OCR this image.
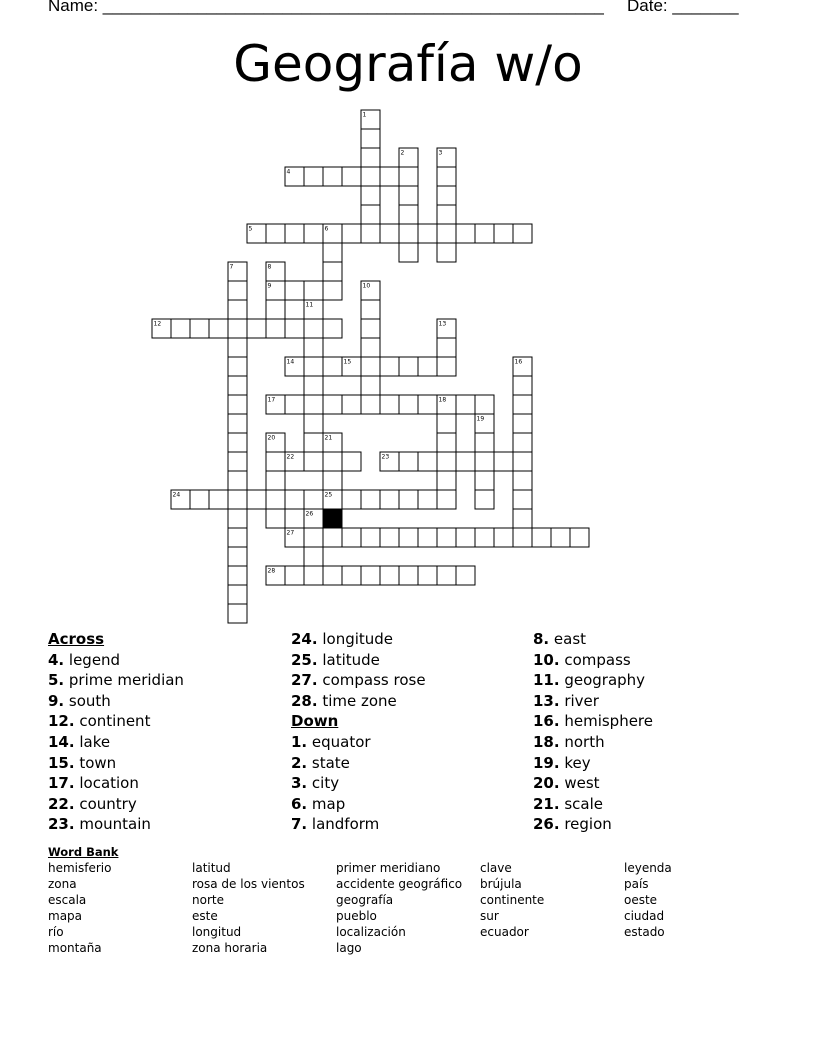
Name: _____________________________________________________ Date: _______
Geografía w/o
1
2	3
4
5	6
7	8
9	10
11
12	13
14	15	16
17	18
19
20	21
22	23
24	25
26
27
28
Across
4. legend
5. prime meridian
9. south
12. continent
14. lake
15. town
17. location
22. country
23. mountain
24. longitude
25. latitude
27. compass rose
28. time zone
Down
1. equator
2. state
3. city
6. map
7. landform
8. east
10. compass
11. geography
13. river
16. hemisphere
18. north
19. key
20. west
21. scale
26. region
Word Bank
hemisferio
zona
escala
mapa
río
montaña
latitud
rosa de los vientos
norte
este
longitud
zona horaria
primer meridiano
accidente geográfico
geografía
pueblo
localización
lago
clave
brújula
continente
sur
ecuador
leyenda
país
oeste
ciudad
estado
